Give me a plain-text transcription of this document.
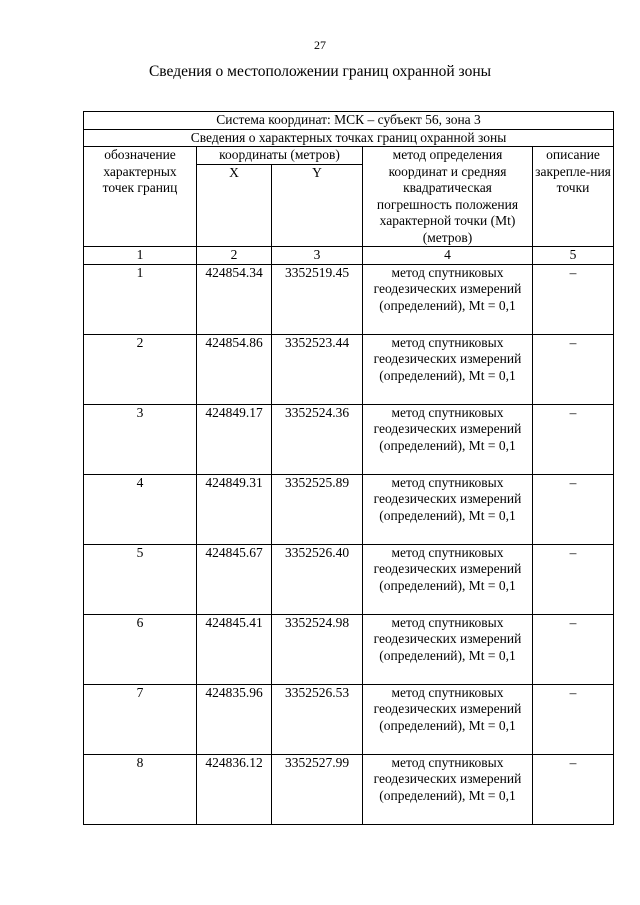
27
Сведения о местоположении границ охранной зоны
Система координат: МСК – субъект 56, зона 3				
Сведения о характерных точках границ охранной зоны				
обозначение характерных точек границ	координаты (метров)		метод определения координат и средняя квадратическая погрешность положения характерной точки (Mt) (метров)	описание закрепле-ния точки
	X	Y		
1	2	3	4	5
1	424854.34	3352519.45	метод спутниковых геодезических измерений (определений), Mt = 0,1	–
2	424854.86	3352523.44	метод спутниковых геодезических измерений (определений), Mt = 0,1	–
3	424849.17	3352524.36	метод спутниковых геодезических измерений (определений), Mt = 0,1	–
4	424849.31	3352525.89	метод спутниковых геодезических измерений (определений), Mt = 0,1	–
5	424845.67	3352526.40	метод спутниковых геодезических измерений (определений), Mt = 0,1	–
6	424845.41	3352524.98	метод спутниковых геодезических измерений (определений), Mt = 0,1	–
7	424835.96	3352526.53	метод спутниковых геодезических измерений (определений), Mt = 0,1	–
8	424836.12	3352527.99	метод спутниковых геодезических измерений (определений), Mt = 0,1	–
